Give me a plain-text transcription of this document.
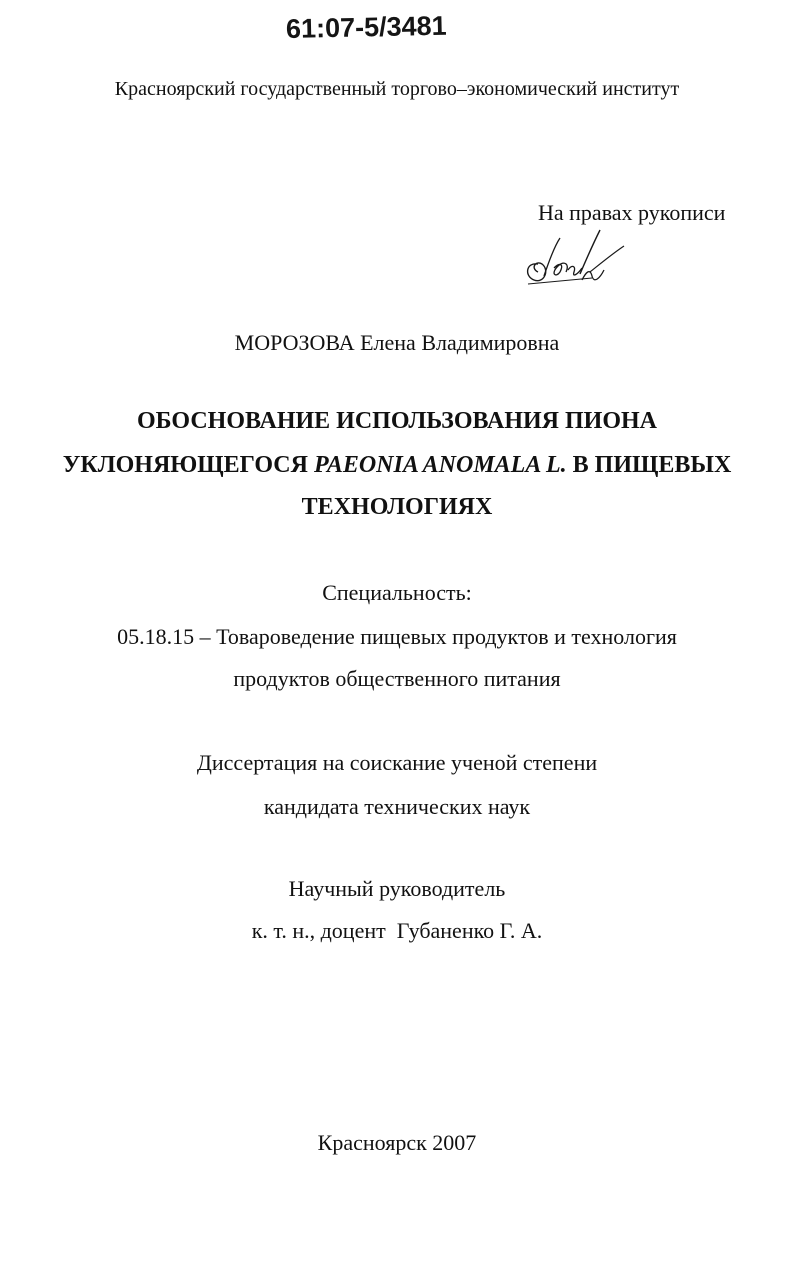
61:07-5/3481
Красноярский государственный торгово–экономический институт
На правах рукописи
МОРОЗОВА Елена Владимировна
ОБОСНОВАНИЕ ИСПОЛЬЗОВАНИЯ ПИОНА
УКЛОНЯЮЩЕГОСЯ PAEONIA ANOMALA L. В ПИЩЕВЫХ
ТЕХНОЛОГИЯХ
Специальность:
05.18.15 – Товароведение пищевых продуктов и технология
продуктов общественного питания
Диссертация на соискание ученой степени
кандидата технических наук
Научный руководитель
к. т. н., доцент  Губаненко Г. А.
Красноярск 2007
